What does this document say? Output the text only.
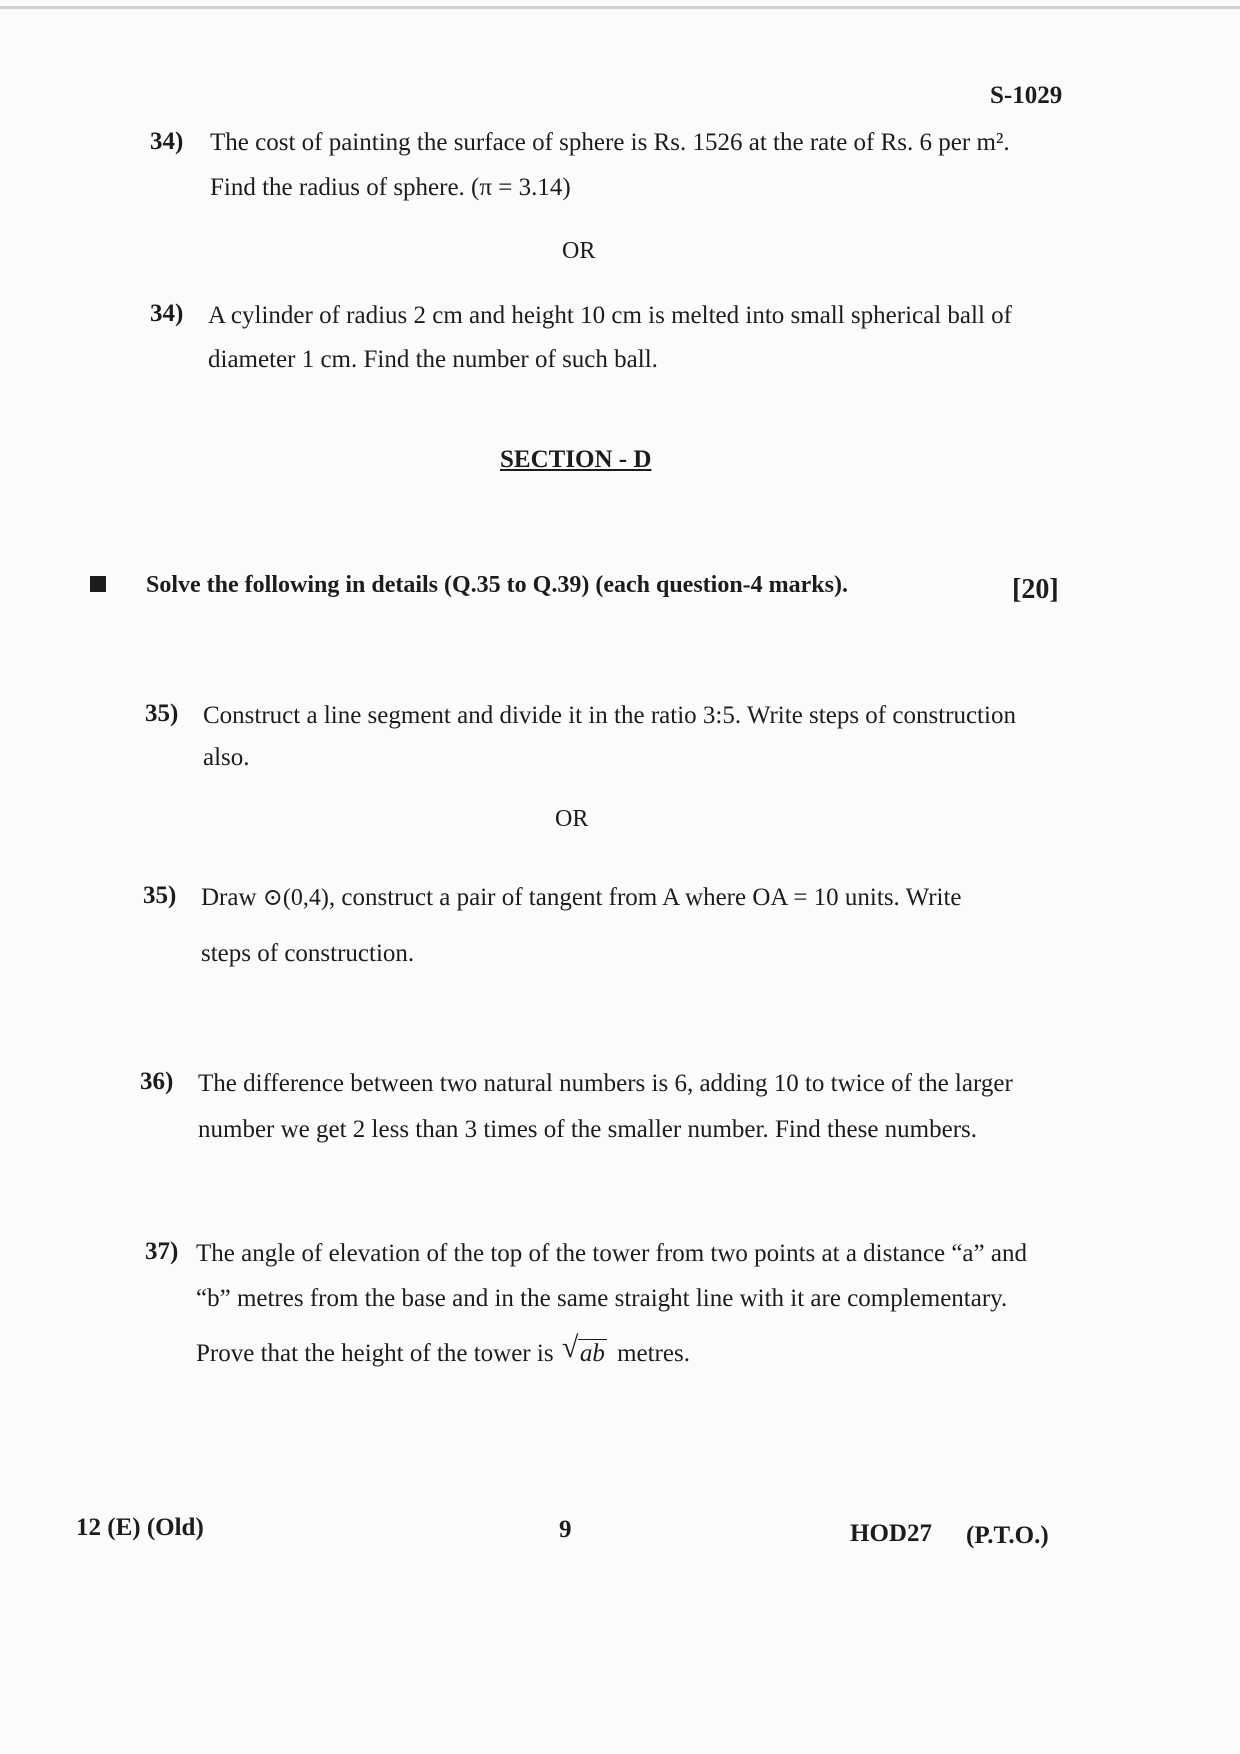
S-1029
34) The cost of painting the surface of sphere is Rs. 1526 at the rate of Rs. 6 per m².
Find the radius of sphere. (π = 3.14)
OR
34) A cylinder of radius 2 cm and height 10 cm is melted into small spherical ball of
diameter 1 cm. Find the number of such ball.
SECTION - D
Solve the following in details (Q.35 to Q.39) (each question-4 marks).	[20]
35) Construct a line segment and divide it in the ratio 3:5. Write steps of construction
also.
OR
35) Draw ⊙(0,4), construct a pair of tangent from A where OA = 10 units. Write
steps of construction.
36) The difference between two natural numbers is 6, adding 10 to twice of the larger
number we get 2 less than 3 times of the smaller number. Find these numbers.
37) The angle of elevation of the top of the tower from two points at a distance “a” and
“b” metres from the base and in the same straight line with it are complementary.
Prove that the height of the tower is √ ab metres.
12 (E) (Old)	9	HOD27 (P.T.O.)
